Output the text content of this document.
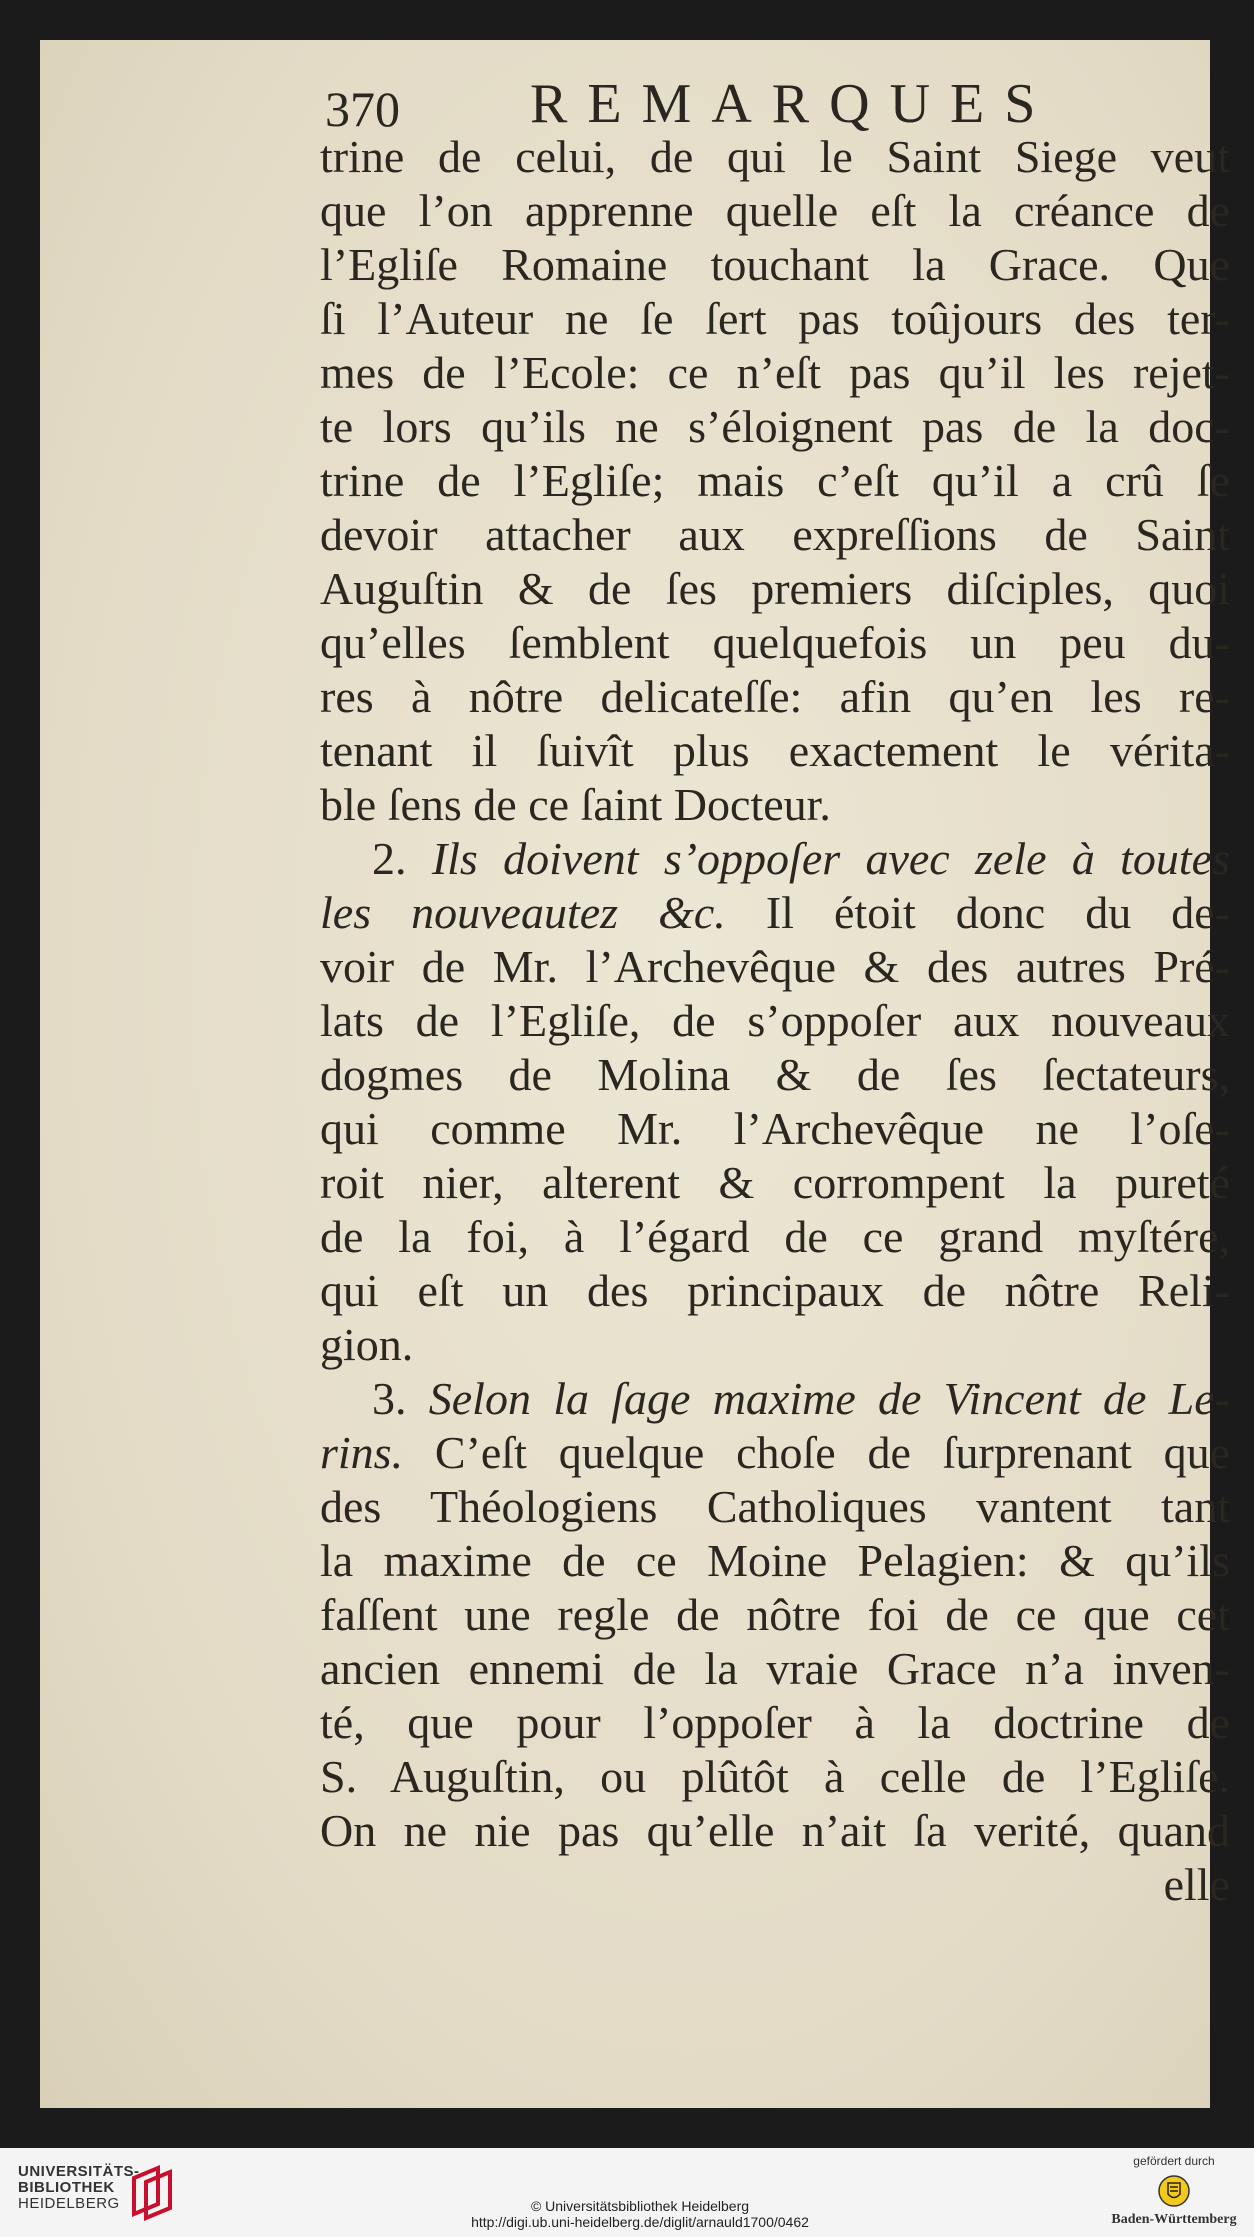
370 REMARQUES
trine de celui, de qui le Saint Siege veut
que l’on apprenne quelle eſt la créance de
l’Egliſe Romaine touchant la Grace. Que
ſi l’Auteur ne ſe ſert pas toûjours des ter-
mes de l’Ecole: ce n’eſt pas qu’il les rejet-
te lors qu’ils ne s’éloignent pas de la doc-
trine de l’Egliſe; mais c’eſt qu’il a crû ſe
devoir attacher aux expreſſions de Saint
Auguſtin & de ſes premiers diſciples, quoi
qu’elles ſemblent quelquefois un peu du-
res à nôtre delicateſſe: afin qu’en les re-
tenant il ſuivît plus exactement le vérita-
ble ſens de ce ſaint Docteur.
2. Ils doivent s’oppoſer avec zele à toutes
les nouveautez &c. Il étoit donc du de-
voir de Mr. l’Archevêque & des autres Pré-
lats de l’Egliſe, de s’oppoſer aux nouveaux
dogmes de Molina & de ſes ſectateurs,
qui comme Mr. l’Archevêque ne l’oſe-
roit nier, alterent & corrompent la pureté
de la foi, à l’égard de ce grand myſtére,
qui eſt un des principaux de nôtre Reli-
gion.
3. Selon la ſage maxime de Vincent de Le-
rins. C’eſt quelque choſe de ſurprenant que
des Théologiens Catholiques vantent tant
la maxime de ce Moine Pelagien: & qu’ils
faſſent une regle de nôtre foi de ce que cet
ancien ennemi de la vraie Grace n’a inven-
té, que pour l’oppoſer à la doctrine de
S. Auguſtin, ou plûtôt à celle de l’Egliſe.
On ne nie pas qu’elle n’ait ſa verité, quand
elle
UNIVERSITÄTS-
BIBLIOTHEK
HEIDELBERG	© Universitätsbibliothek Heidelberg
http://digi.ub.uni-heidelberg.de/diglit/arnauld1700/0462
gefördert durch
Baden-Württemberg
